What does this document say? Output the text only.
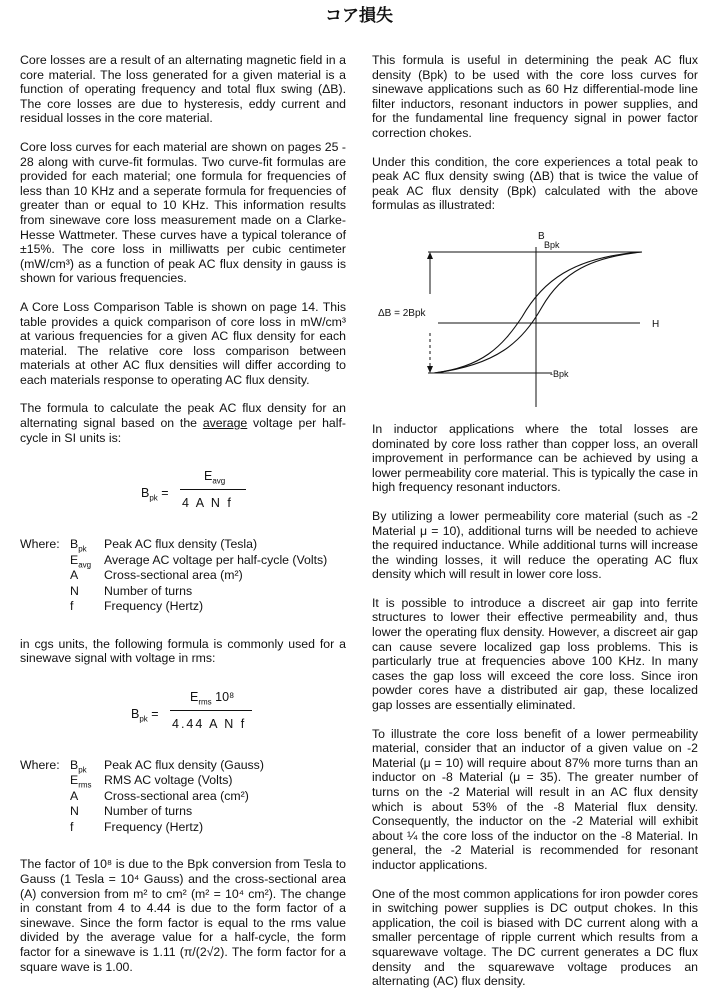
コア損失

Core losses are a result of an alternating magnetic field in a core material. The loss generated for a given material is a function of operating frequency and total flux swing (ΔB). The core losses are due to hysteresis, eddy current and residual losses in the core material.

Core loss curves for each material are shown on pages 25 - 28 along with curve-fit formulas. Two curve-fit formulas are provided for each material; one formula for frequencies of less than 10 KHz and a seperate formula for frequencies of greater than or equal to 10 KHz. This information results from sinewave core loss measurement made on a Clarke-Hesse Wattmeter. These curves have a typical tolerance of ±15%. The core loss in milliwatts per cubic centimeter (mW/cm³) as a function of peak AC flux density in gauss is shown for various frequencies.

A Core Loss Comparison Table is shown on page 14. This table provides a quick comparison of core loss in mW/cm³ at various frequencies for a given AC flux density for each material. The relative core loss comparison between materials at other AC flux densities will differ according to each materials response to operating AC flux density.

The formula to calculate the peak AC flux density for an alternating signal based on the average voltage per half-cycle in SI units is:

$B_{pk}$ =
$E_{avg}$
4 A N f
Where: $B_{pk}$ Peak AC flux density (Tesla)
$E_{avg}$ Average AC voltage per half-cycle (Volts)
A Cross-sectional area (m²)
N Number of turns
f Frequency (Hertz)

in cgs units, the following formula is commonly used for a sinewave signal with voltage in rms:

$B_{pk}$ =
$E_{rms}$ 10⁸
4.44 A N f
Where: $B_{pk}$ Peak AC flux density (Gauss)
$E_{rms}$ RMS AC voltage (Volts)
A Cross-sectional area (cm²)
N Number of turns
f Frequency (Hertz)

The factor of 10⁸ is due to the Bpk conversion from Tesla to Gauss (1 Tesla = 10⁴ Gauss) and the cross-sectional area (A) conversion from m² to cm² (m² = 10⁴ cm²). The change in constant from 4 to 4.44 is due to the form factor of a sinewave. Since the form factor is equal to the rms value divided by the average value for a half-cycle, the form factor for a sinewave is 1.11 (π/(2√2). The form factor for a square wave is 1.00.

This formula is useful in determining the peak AC flux density (Bpk) to be used with the core loss curves for sinewave applications such as 60 Hz differential-mode line filter inductors, resonant inductors in power supplies, and for the fundamental line frequency signal in power factor correction chokes.

Under this condition, the core experiences a total peak to peak AC flux density swing (ΔB) that is twice the value of peak AC flux density (Bpk) calculated with the above formulas as illustrated:

B
H
Bpk
-Bpk
ΔB = 2Bpk

In inductor applications where the total losses are dominated by core loss rather than copper loss, an overall improvement in performance can be achieved by using a lower permeability core material. This is typically the case in high frequency resonant inductors.

By utilizing a lower permeability core material (such as -2 Material μ = 10), additional turns will be needed to achieve the required inductance. While additional turns will increase the winding losses, it will reduce the operating AC flux density which will result in lower core loss.

It is possible to introduce a discreet air gap into ferrite structures to lower their effective permeability and, thus lower the operating flux density. However, a discreet air gap can cause severe localized gap loss problems. This is particularly true at frequencies above 100 KHz. In many cases the gap loss will exceed the core loss. Since iron powder cores have a distributed air gap, these localized gap losses are essentially eliminated.

To illustrate the core loss benefit of a lower permeability material, consider that an inductor of a given value on -2 Material (μ = 10) will require about 87% more turns than an inductor on -8 Material (μ = 35). The greater number of turns on the -2 Material will result in an AC flux density which is about 53% of the -8 Material flux density. Consequently, the inductor on the -2 Material will exhibit about ¼ the core loss of the inductor on the -8 Material. In general, the -2 Material is recommended for resonant inductor applications.

One of the most common applications for iron powder cores in switching power supplies is DC output chokes. In this application, the coil is biased with DC current along with a smaller percentage of ripple current which results from a squarewave voltage. The DC current generates a DC flux density and the squarewave voltage produces an alternating (AC) flux density.
